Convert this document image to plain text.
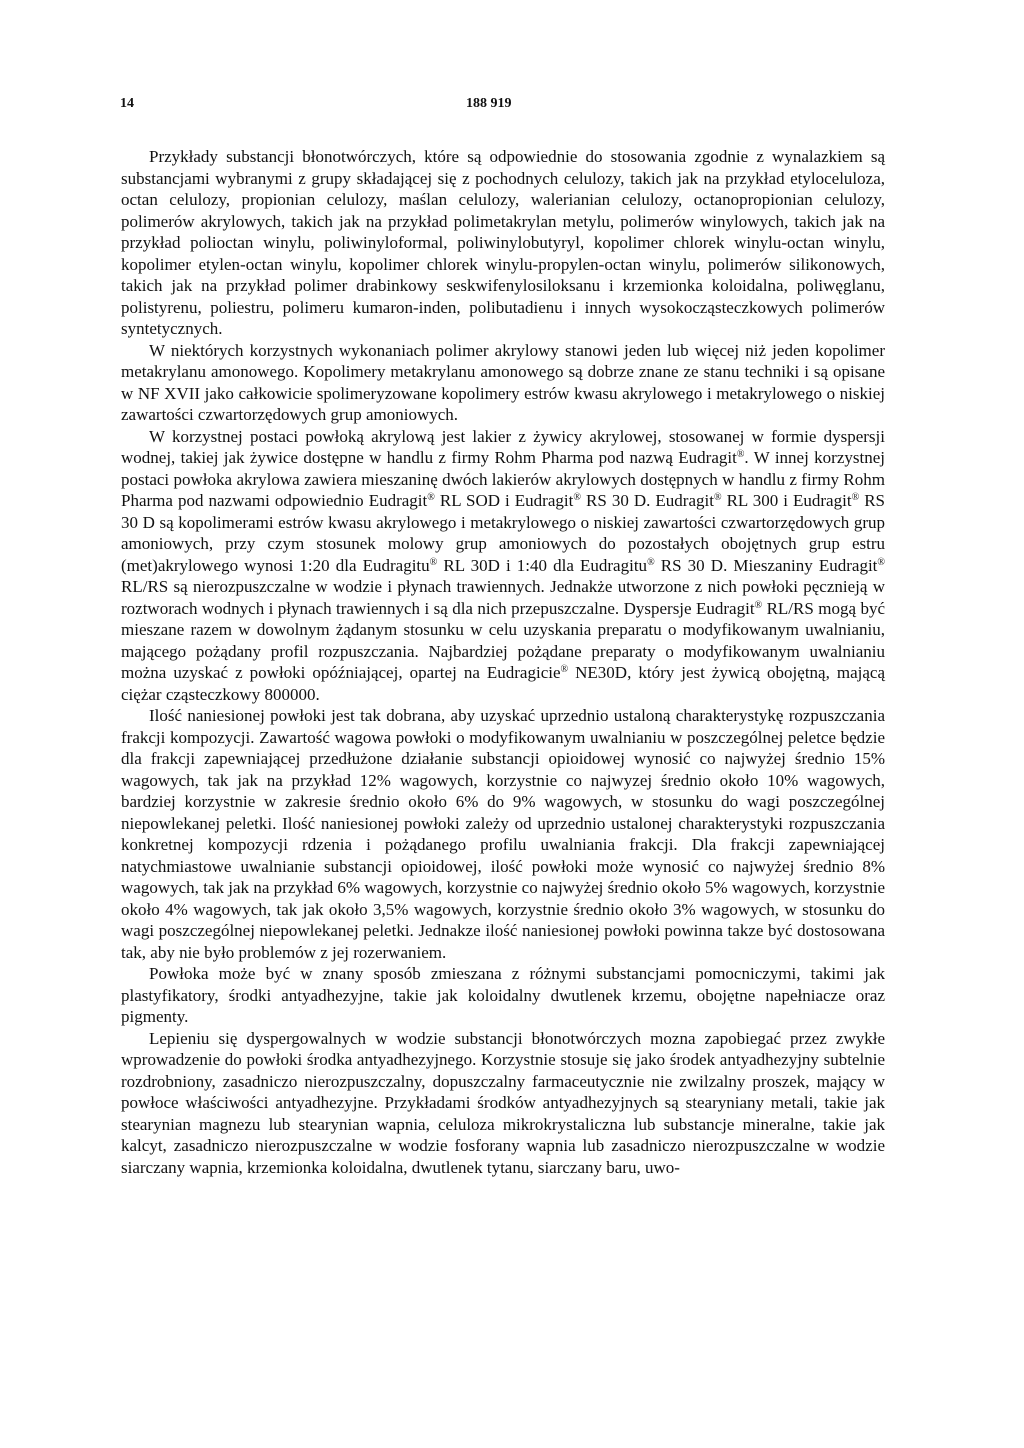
14	188 919

Przykłady substancji błonotwórczych, które są odpowiednie do stosowania zgodnie z wynalazkiem są substancjami wybranymi z grupy składającej się z pochodnych celulozy, takich jak na przykład etyloceluloza, octan celulozy, propionian celulozy, maślan celulozy, walerianian celulozy, octanopropionian celulozy, polimerów akrylowych, takich jak na przykład polimetakrylan metylu, polimerów winylowych, takich jak na przykład polioctan winylu, poliwinyloformal, poliwinylobutyryl, kopolimer chlorek winylu-octan winylu, kopolimer etylen-octan winylu, kopolimer chlorek winylu-propylen-octan winylu, polimerów silikonowych, takich jak na przykład polimer drabinkowy seskwifenylosiloksanu i krzemionka koloidalna, poliwęglanu, polistyrenu, poliestru, polimeru kumaron-inden, polibutadienu i innych wysokocząsteczkowych polimerów syntetycznych.

W niektórych korzystnych wykonaniach polimer akrylowy stanowi jeden lub więcej niż jeden kopolimer metakrylanu amonowego. Kopolimery metakrylanu amonowego są dobrze znane ze stanu techniki i są opisane w NF XVII jako całkowicie spolimeryzowane kopolimery estrów kwasu akrylowego i metakrylowego o niskiej zawartości czwartorzędowych grup amoniowych.

W korzystnej postaci powłoką akrylową jest lakier z żywicy akrylowej, stosowanej w formie dyspersji wodnej, takiej jak żywice dostępne w handlu z firmy Rohm Pharma pod nazwą Eudragit®. W innej korzystnej postaci powłoka akrylowa zawiera mieszaninę dwóch lakierów akrylowych dostępnych w handlu z firmy Rohm Pharma pod nazwami odpowiednio Eudragit® RL SOD i Eudragit® RS 30 D. Eudragit® RL 300 i Eudragit® RS 30 D są kopolimerami estrów kwasu akrylowego i metakrylowego o niskiej zawartości czwartorzędowych grup amoniowych, przy czym stosunek molowy grup amoniowych do pozostałych obojętnych grup estru (met)akrylowego wynosi 1:20 dla Eudragitu® RL 30D i 1:40 dla Eudragitu® RS 30 D. Mieszaniny Eudragit® RL/RS są nierozpuszczalne w wodzie i płynach trawiennych. Jednakże utworzone z nich powłoki pęcznieją w roztworach wodnych i płynach trawiennych i są dla nich przepuszczalne. Dyspersje Eudragit® RL/RS mogą być mieszane razem w dowolnym żądanym stosunku w celu uzyskania preparatu o modyfikowanym uwalnianiu, mającego pożądany profil rozpuszczania. Najbardziej pożądane preparaty o modyfikowanym uwalnianiu można uzyskać z powłoki opóźniającej, opartej na Eudragicie® NE30D, który jest żywicą obojętną, mającą ciężar cząsteczkowy 800000.

Ilość naniesionej powłoki jest tak dobrana, aby uzyskać uprzednio ustaloną charakterystykę rozpuszczania frakcji kompozycji. Zawartość wagowa powłoki o modyfikowanym uwalnianiu w poszczególnej peletce będzie dla frakcji zapewniającej przedłużone działanie substancji opioidowej wynosić co najwyżej średnio 15% wagowych, tak jak na przykład 12% wagowych, korzystnie co najwyzej średnio około 10% wagowych, bardziej korzystnie w zakresie średnio około 6% do 9% wagowych, w stosunku do wagi poszczególnej niepowlekanej peletki. Ilość naniesionej powłoki zależy od uprzednio ustalonej charakterystyki rozpuszczania konkretnej kompozycji rdzenia i pożądanego profilu uwalniania frakcji. Dla frakcji zapewniającej natychmiastowe uwalnianie substancji opioidowej, ilość powłoki może wynosić co najwyżej średnio 8% wagowych, tak jak na przykład 6% wagowych, korzystnie co najwyżej średnio około 5% wagowych, korzystnie około 4% wagowych, tak jak około 3,5% wagowych, korzystnie średnio około 3% wagowych, w stosunku do wagi poszczególnej niepowlekanej peletki. Jednakze ilość naniesionej powłoki powinna takze być dostosowana tak, aby nie było problemów z jej rozerwaniem.

Powłoka może być w znany sposób zmieszana z różnymi substancjami pomocniczymi, takimi jak plastyfikatory, środki antyadhezyjne, takie jak koloidalny dwutlenek krzemu, obojętne napełniacze oraz pigmenty.

Lepieniu się dyspergowalnych w wodzie substancji błonotwórczych mozna zapobiegać przez zwykłe wprowadzenie do powłoki środka antyadhezyjnego. Korzystnie stosuje się jako środek antyadhezyjny subtelnie rozdrobniony, zasadniczo nierozpuszczalny, dopuszczalny farmaceutycznie nie zwilzalny proszek, mający w powłoce właściwości antyadhezyjne. Przykładami środków antyadhezyjnych są stearyniany metali, takie jak stearynian magnezu lub stearynian wapnia, celuloza mikrokrystaliczna lub substancje mineralne, takie jak kalcyt, zasadniczo nierozpuszczalne w wodzie fosforany wapnia lub zasadniczo nierozpuszczalne w wodzie siarczany wapnia, krzemionka koloidalna, dwutlenek tytanu, siarczany baru, uwo-
